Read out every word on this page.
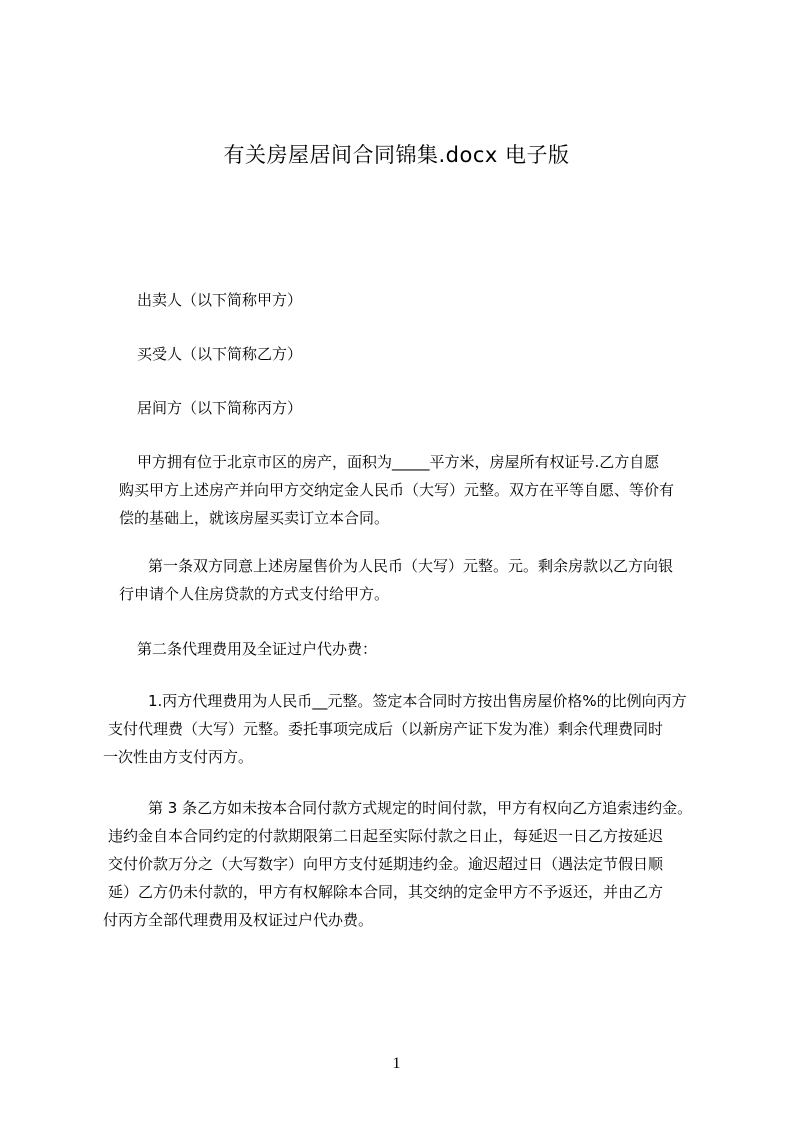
有关房屋居间合同锦集.docx 电子版
出卖人（以下简称甲方）
买受人（以下简称乙方）
居间方（以下简称丙方）
甲方拥有位于北京市区的房产，面积为_____平方米，房屋所有权证号.乙方自愿
购买甲方上述房产并向甲方交纳定金人民币（大写）元整。双方在平等自愿、等价有
偿的基础上，就该房屋买卖订立本合同。
第一条双方同意上述房屋售价为人民币（大写）元整。元。剩余房款以乙方向银
行申请个人住房贷款的方式支付给甲方。
第二条代理费用及全证过户代办费：
1.丙方代理费用为人民币__元整。签定本合同时方按出售房屋价格%的比例向丙方
支付代理费（大写）元整。委托事项完成后（以新房产证下发为准）剩余代理费同时
一次性由方支付丙方。
第 3 条乙方如未按本合同付款方式规定的时间付款，甲方有权向乙方追索违约金。
违约金自本合同约定的付款期限第二日起至实际付款之日止，每延迟一日乙方按延迟
交付价款万分之（大写数字）向甲方支付延期违约金。逾迟超过日（遇法定节假日顺
延）乙方仍未付款的，甲方有权解除本合同，其交纳的定金甲方不予返还，并由乙方
付丙方全部代理费用及权证过户代办费。
1
